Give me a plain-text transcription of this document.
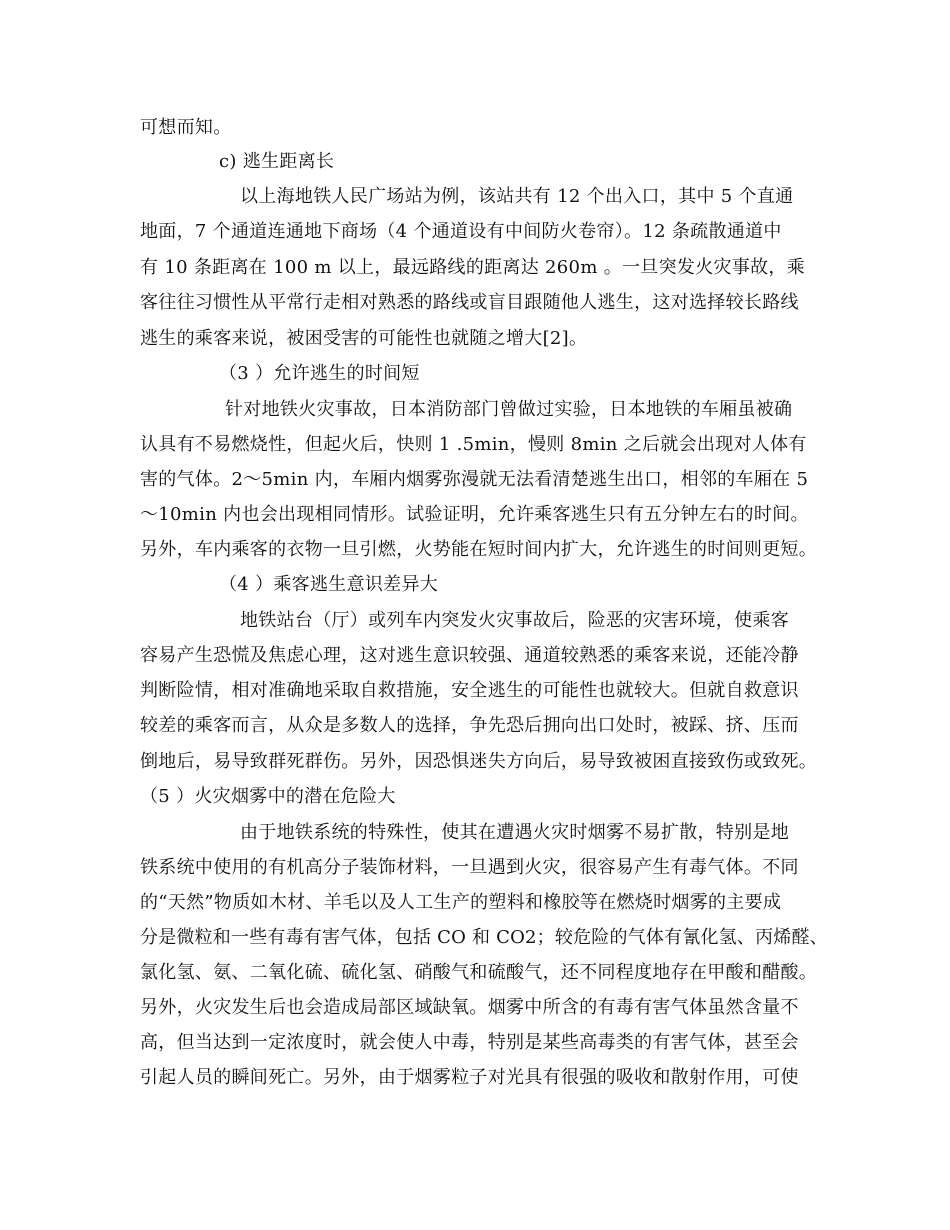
可想而知。
c) 逃生距离长
以上海地铁人民广场站为例，该站共有 12 个出入口，其中 5 个直通
地面，7 个通道连通地下商场（4 个通道设有中间防火卷帘）。12 条疏散通道中
有 10 条距离在 100 m 以上，最远路线的距离达 260m 。一旦突发火灾事故，乘
客往往习惯性从平常行走相对熟悉的路线或盲目跟随他人逃生，这对选择较长路线
逃生的乘客来说，被困受害的可能性也就随之增大[2]。
（3 ）允许逃生的时间短
针对地铁火灾事故，日本消防部门曾做过实验，日本地铁的车厢虽被确
认具有不易燃烧性，但起火后，快则 1 .5min，慢则 8min 之后就会出现对人体有
害的气体。2～5min 内，车厢内烟雾弥漫就无法看清楚逃生出口，相邻的车厢在 5
～10min 内也会出现相同情形。试验证明，允许乘客逃生只有五分钟左右的时间。
另外，车内乘客的衣物一旦引燃，火势能在短时间内扩大，允许逃生的时间则更短。
（4 ）乘客逃生意识差异大
地铁站台（厅）或列车内突发火灾事故后，险恶的灾害环境，使乘客
容易产生恐慌及焦虑心理，这对逃生意识较强、通道较熟悉的乘客来说，还能冷静
判断险情，相对准确地采取自救措施，安全逃生的可能性也就较大。但就自救意识
较差的乘客而言，从众是多数人的选择，争先恐后拥向出口处时，被踩、挤、压而
倒地后，易导致群死群伤。另外，因恐惧迷失方向后，易导致被困直接致伤或致死。
（5 ）火灾烟雾中的潜在危险大
由于地铁系统的特殊性，使其在遭遇火灾时烟雾不易扩散，特别是地
铁系统中使用的有机高分子装饰材料，一旦遇到火灾，很容易产生有毒气体。不同
的“天然”物质如木材、羊毛以及人工生产的塑料和橡胶等在燃烧时烟雾的主要成
分是微粒和一些有毒有害气体，包括 CO 和 CO2；较危险的气体有氰化氢、丙烯醛、
氯化氢、氨、二氧化硫、硫化氢、硝酸气和硫酸气，还不同程度地存在甲酸和醋酸。
另外，火灾发生后也会造成局部区域缺氧。烟雾中所含的有毒有害气体虽然含量不
高，但当达到一定浓度时，就会使人中毒，特别是某些高毒类的有害气体，甚至会
引起人员的瞬间死亡。另外，由于烟雾粒子对光具有很强的吸收和散射作用，可使
